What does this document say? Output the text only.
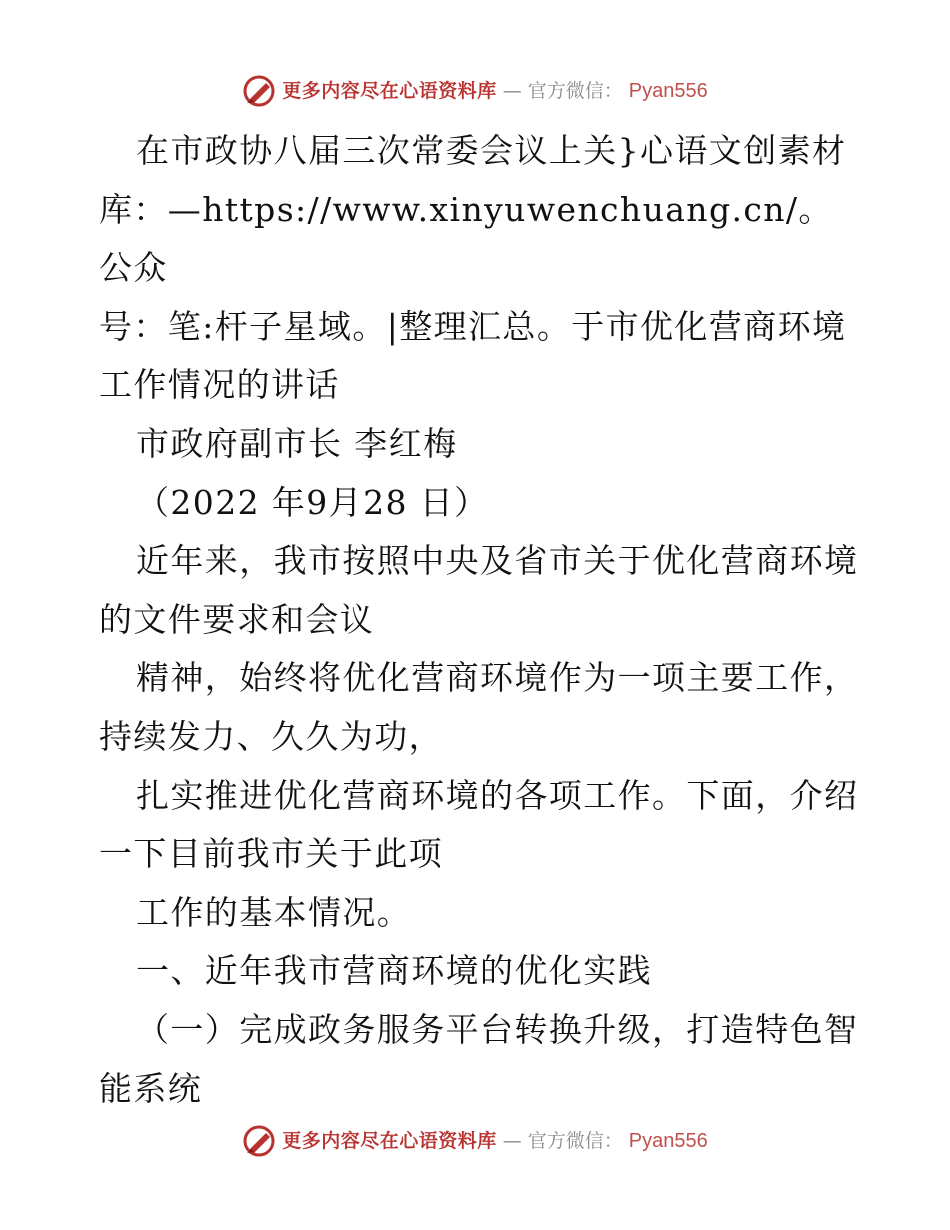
更多内容尽在心语资料库 — 官方微信： Pyan556

在市政协八届三次常委会议上关}心语文创素材

库：—https://www.xinyuwenchuang.cn/。公众

号：笔:杆子星域。|整理汇总。于市优化营商环境

工作情况的讲话

市政府副市长 李红梅

（2022 年9月28 日）

近年来，我市按照中央及省市关于优化营商环境

的文件要求和会议

精神，始终将优化营商环境作为一项主要工作，

持续发力、久久为功，

扎实推进优化营商环境的各项工作。下面，介绍

一下目前我市关于此项

工作的基本情况。

一、近年我市营商环境的优化实践

（一）完成政务服务平台转换升级，打造特色智

能系统

更多内容尽在心语资料库 — 官方微信： Pyan556
